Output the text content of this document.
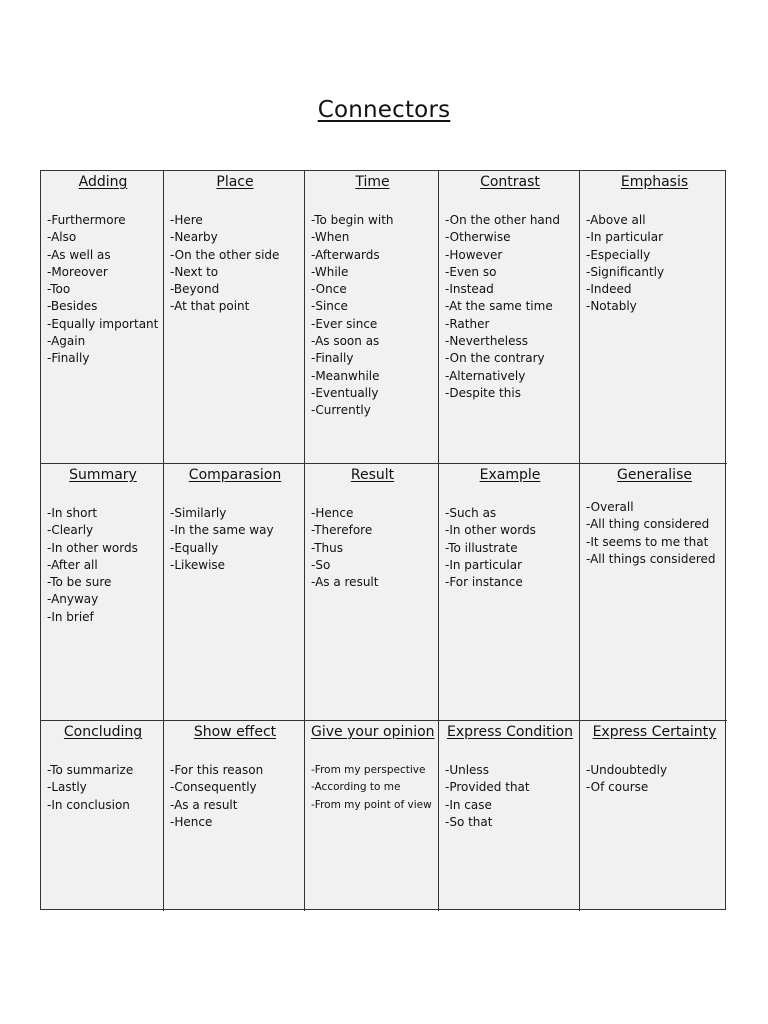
Connectors
Adding
-Furthermore
-Also
-As well as
-Moreover
-Too
-Besides
-Equally important
-Again
-Finally
Place
-Here
-Nearby
-On the other side
-Next to
-Beyond
-At that point
Time
-To begin with
-When
-Afterwards
-While
-Once
-Since
-Ever since
-As soon as
-Finally
-Meanwhile
-Eventually
-Currently
Contrast
-On the other hand
-Otherwise
-However
-Even so
-Instead
-At the same time
-Rather
-Nevertheless
-On the contrary
-Alternatively
-Despite this
Emphasis
-Above all
-In particular
-Especially
-Significantly
-Indeed
-Notably
Summary
-In short
-Clearly
-In other words
-After all
-To be sure
-Anyway
-In brief
Comparasion
-Similarly
-In the same way
-Equally
-Likewise
Result
-Hence
-Therefore
-Thus
-So
-As a result
Example
-Such as
-In other words
-To illustrate
-In particular
-For instance
Generalise
-Overall
-All thing considered
-It seems to me that
-All things considered
Concluding
-To summarize
-Lastly
-In conclusion
Show effect
-For this reason
-Consequently
-As a result
-Hence
Give your opinion
-From my perspective
-According to me
-From my point of view
Express Condition
-Unless
-Provided that
-In case
-So that
Express Certainty
-Undoubtedly
-Of course
